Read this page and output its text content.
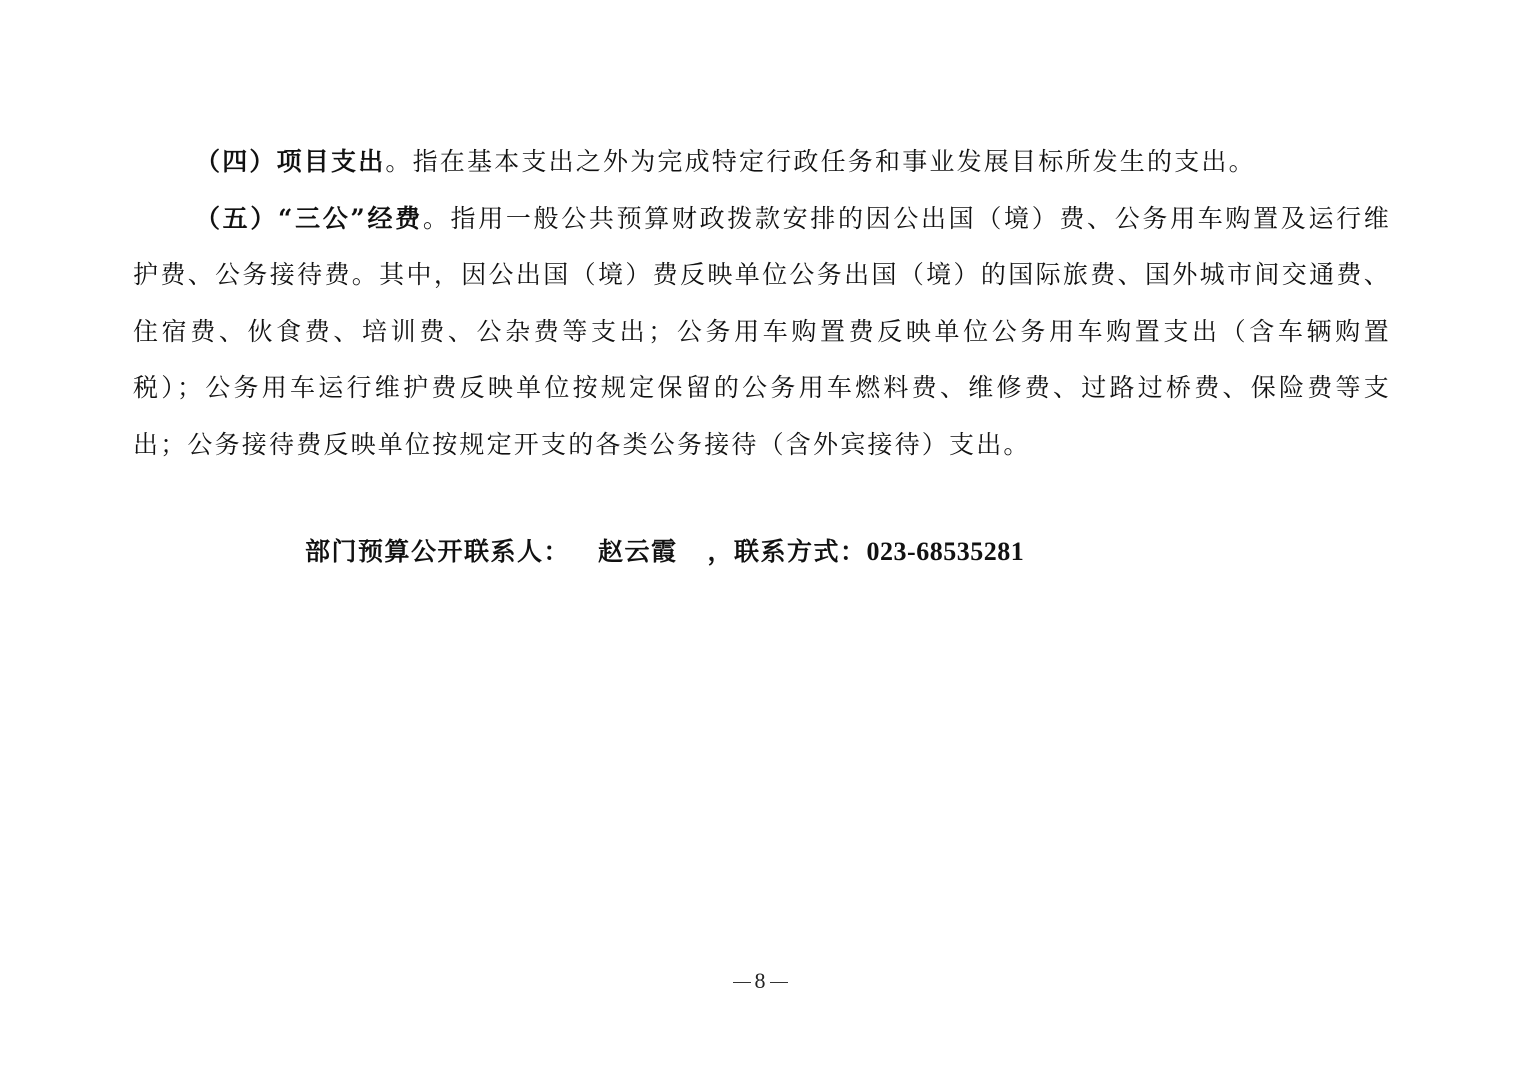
（四）项目支出。指在基本支出之外为完成特定行政任务和事业发展目标所发生的支出。

（五）“三公”经费。指用一般公共预算财政拨款安排的因公出国（境）费、公务用车购置及运行维护费、公务接待费。其中，因公出国（境）费反映单位公务出国（境）的国际旅费、国外城市间交通费、住宿费、伙食费、培训费、公杂费等支出；公务用车购置费反映单位公务用车购置支出（含车辆购置税）；公务用车运行维护费反映单位按规定保留的公务用车燃料费、维修费、过路过桥费、保险费等支出；公务接待费反映单位按规定开支的各类公务接待（含外宾接待）支出。

部门预算公开联系人： 赵云霞 ，联系方式：023-68535281
8
